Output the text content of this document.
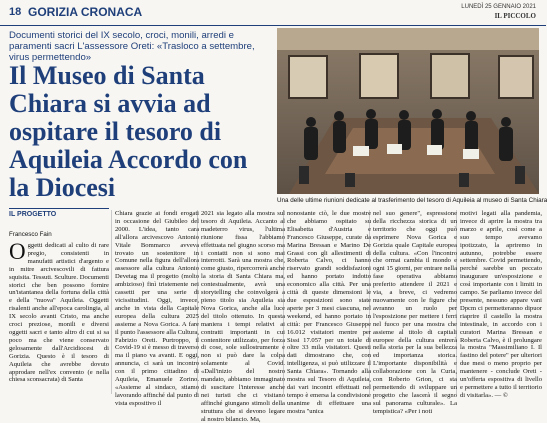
18 GORIZIA CRONACA	LUNEDÌ 25 GENNAIO 2021
IL PICCOLO
Documenti storici del IX secolo, croci, monili, arredi e paramenti sacri L'assessore Oreti: «Trasloco a settembre, virus permettendo»
Il Museo di Santa Chiara si avvia ad ospitare il tesoro di Aquileia Accordo con la Diocesi	Una delle ultime riunioni dedicate al trasferimento del tesoro di Aquileia al museo di Santa Chiara
IL PROGETTO
Francesco Fain
O ggetti dedicati al culto di rare pregio, consistenti in manufatti artistici d'argento e in mitre arcivescovili di fattura squisita. Tessuti. Sculture. Documenti storici che ben possono fornire un'istantanea della fortuna della città e della "nuova" Aquileia. Oggetti risalenti anche all'epoca carolingia, al IX secolo avanti Cristo, ma anche croci preziose, monili e diversi oggetti sacri e tanto altro di cui si sa poco ma che viene conservato gelosamente dall'Arcidiocesi di Gorizia. Questo è il tesoro di Aquileia che avrebbe dovuto approdare nell'ex convento (e nella chiesa sconsacrata) di Santa
Chiara grazie ai fondi erogati in occasione del Giubileo del 2000. L'idea, tanto cara all'allora arcivescovo Antonio Vitale Bommarco avveva trovato un sostenitore in Comune nella figura dell'allora assessore alla cultura Antonio Devetag ma il progetto (molto ambizioso) finì tristemente nei cassetti per una serie di vicissitudini. Oggi, invece, anche in vista della Capitale europea della cultura 2025 assieme a Nova Gorica. A fare il punto l'assessore alla Cultura, Fabrizio Oreti. Purtroppo, il Covid-19 si è messo di traverso ma il piano va avanti. E oggi, annuncia, ci sarà un incontro con il primo cittadino di Aquileia, Emanuele Zorino. «Assieme al sindaco, stiamo lavorando affinché dal punto di vista espositivo il
2021 sia legato alla mostra sul tesoro di Aquileia. Accanto al madeterro virus, l'ultima riunione fissa l'abbiamo effettuata nel giugno scorso ma i contatti non si sono mai interrotti. Sarà una mostra che, come giusto, ripercorrerà anche la storia di Santa Chiara ma, contestualmente, avrà una storytelling che coinvolgerà a pieno titolo sia Aquileia sia Nova Gorica, anche alla luce del titolo ottenuto. In questa maniera i tempi relativi ai contratti importanti in cui contenitore utilizzato, per forza di cose, sole sullostrumente e non si può dare la colpa solamente al Covid. «Dall'inizio del nostro mandato, abbiamo immaginato di suscitare l'interesse anche nei turisti che ci visitano affinché giungano stimoli della struttura che si devono legare al nostro bilancio. Ma,
nonostante ciò, le due mostre che abbiamo ospitato su Elisabetta d'Austria e Francesco Giuseppe, curate da Marina Bressan e Marino De Grassi con gli allestimenti di Roberta Calvo, ci hanno riservato grandi soddisfazioni ed hanno portato indotto economico alla città. Per una città di queste dimensioni le due esposizioni sono state aperte per 3 mesi ciascuna, nel weekend, ed hanno portato in città: per Francesco Giuseppe 16.012 visitatori mentre per Sissi 17.057 per un totale di oltre 33 mila visitatori. Questi dati dimostrano che, con intelligenza, si può utilizzare il Santa Chiara». Tornando alla mostra sul Tesoro di Aquileia, dai vari incontri effettuati nel tempo è emersa la condivisione unanime di effettuare una mostra "unica
nel suo genere", espressione della ricchezza storica di un territorio che oggi può esprimere Nova Gorica e Gorizia quale Capitale europea della cultura. «Con l'incontro che ormai cambia il mondo e ogni 15 giorni, per entrare nella fase operativa abbiamo preferito attendere il 2021 e via, a breve, ci vedremo nuovamente con le figure che avranno un ruolo per l'esposizione per mettere i ferri nel fuoco per una mostra che assieme al titolo di capitali europee della cultura entrerà nella storia per la sua bellezza ed importanza storica. L'importante disponibilità e collaborazione con la Curia, con Roberto Grion, ci sta permettendo di sviluppare un progetto che lascerà il segno sul panorama culturale». La tempistica? «Per i noti
motivi legati alla pandemia, invece di aprire la mostra tra marzo e aprile, così come a suo tempo avevamo ipotizzato, la apriremo in autunno, potrebbe essere settembre. Covid permettendo, perché sarebbe un peccato inaugurare un'esposizione e così importante con i limiti in campo. Se parliamo invece del presente, nessuno appare vani Dpcm ci permetteranno dipuor riaprire il castello la mostra intestinale, in accordo con i curatori Marina Bressan e Roberta Calvo, è il prolungare la mostra "Massimiliano I. Il fastino del potere" per ulteriori due mesi o meno proprio per mantenere - conclude Oreti - un'offerta espositiva di livello e permettere a tutto il territorio di visitarla». — ©
